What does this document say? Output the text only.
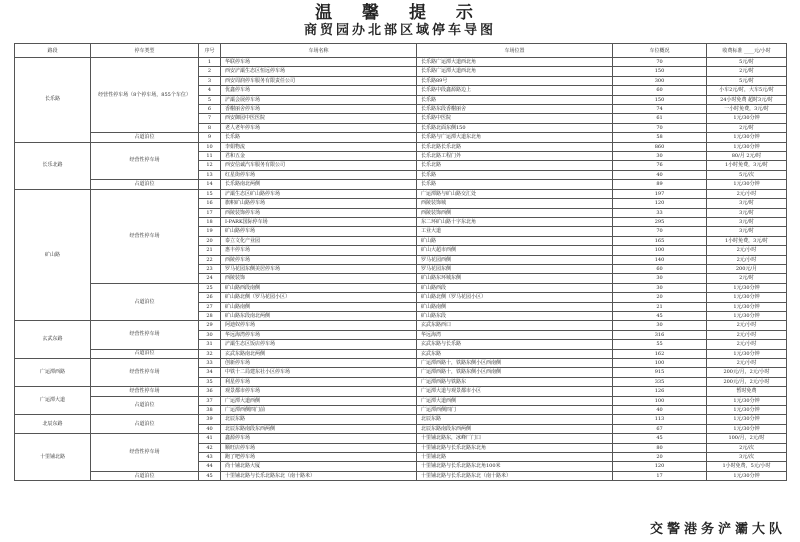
温 馨 提 示
商贸园办北部区域停车导图
路段	停车类型	序号	车场名称	车场位置	车位概况	收费标准 ____元/小时
长乐路	经营性停车场（8个停车场，855个车位）	1	华联停车场	长乐路广运潭大道西北角	70	5元/时
		2	西安浐灞生态区恒远停车场	长乐路广运潭大道西北角	150	2元/时
		3	西安周润停车服务有限责任公司	长乐路89号	300	5元/时
		4	优鑫停车场	长乐路中段鑫源路边上	60	小车2元/时，大车5元/时
		5	浐灞会展停车场	长乐路	150	24小时免费 超时3元/时
		6	香榭丽舍停车场	长乐路东段香榭丽舍	74	一小时免费，3元/时
		7	西安御园中医医院	长乐路中医院	61	1元/30分钟
		8	老人老年停车场	长乐路北面东侧150	70	2元/时
	占道泊位	9	长乐路	长乐路与广运潭大道东北角	58	1元/30分钟
长乐北路	经营性停车场	10	李娟物流	长乐北路长乐北路	860	1元/30分钟
		11	君和五金	长乐北路工程门外	30	80/月 2元/时
		12	西安信诚汽车服务有限公司	长乐北路	76	1小时免费，3元/时
		13	红星街停车场	长乐路	40	5元/次
	占道泊位	14	长乐路南北两侧	长乐路	89	1元/30分钟
矿山路	经营性停车场	15	浐灞生态区矿山路停车场	广运潭路与矿山路交汇处	197	2元/小时
		16	旗帜矿山路停车场	西陵装饰城	120	3元/时
		17	西陵装饰停车场	西陵装饰西侧	33	3元/时
		18	I-PARK国际停车场	东二环矿山路十字东北角	295	3元/时
		19	矿山路停车场	工业大道	70	3元/时
		20	泰立文化产业园	矿山路	165	1小时免费，3元/时
		21	惠丰停车场	矿山大超市西侧	100	2元/小时
		22	西陵停车场	罗马花园西侧	140	2元/小时
		23	罗马花园东侧美居停车场	罗马花园东侧	60	200元/月
		24	西陵装饰	矿山路东环城东侧	30	2元/时
	占道泊位	25	矿山路西段南侧	矿山路西段	30	1元/30分钟
		26	矿山路北侧（罗马花园小区）	矿山路北侧（罗马花园小区）	20	1元/30分钟
		27	矿山路南侧	矿山路南侧	21	1元/30分钟
		28	矿山路东段南北两侧	矿山路东段	45	1元/30分钟
玄武东路	经营性停车场	29	阿迪奴停车场	玄武东路西口	30	2元/小时
		30	华远海湾停车场	华远海湾	316	2元/小时
		31	浐灞生态区饭店停车场	玄武东路与长乐路	55	2元/小时
	占道泊位	32	玄武东路南北两侧	玄武东路	162	1元/30分钟
广运潭西路	经营性停车场	33	创新停车场	广运潭西路十，铁路东侧小区西南侧	100	2元/小时
		34	中铁十二局建东社小区停车场	广运潭西路十，铁路东侧小区西南侧	915	200元/月，2元/小时
		35	利星停车场	广运潭西路与铁路东	335	200元/月，2元/小时
广运潭大道	经营性停车场	36	观景都市停车场	广运潭大道与观景都市小区	126	暂时免费
	占道泊位	37	广运潭大道西侧	广运潭大道西侧	100	1元/30分钟
		38	广运潭西侧四门前	广运潭西侧四门	40	1元/30分钟
北辰东路	占道泊位	39	北辰东路	北辰东路	113	1元/30分钟
		40	北辰东路南段东西两侧	北辰东路南段东西两侧	67	1元/30分钟
十里铺北路	经营性停车场	41	鑫源停车场	十里铺北路东，冰峰厂门口	45	100/月，2元/时
		42	顺旺店停车场	十里铺北路与长乐北路东北角	80	2元/次
		43	跑了吧停车场	十里铺北路	20	3元/次
		44	尚十铺北路大厦	十里铺北路与长乐北路东北角100米	120	1小时免费，5元/小时
	占道泊位	45	十里铺北路与长乐北路东北（南十路米）	十里铺北路与长乐北路东北（南十路米）	17	1元/30分钟
交警港务浐灞大队
